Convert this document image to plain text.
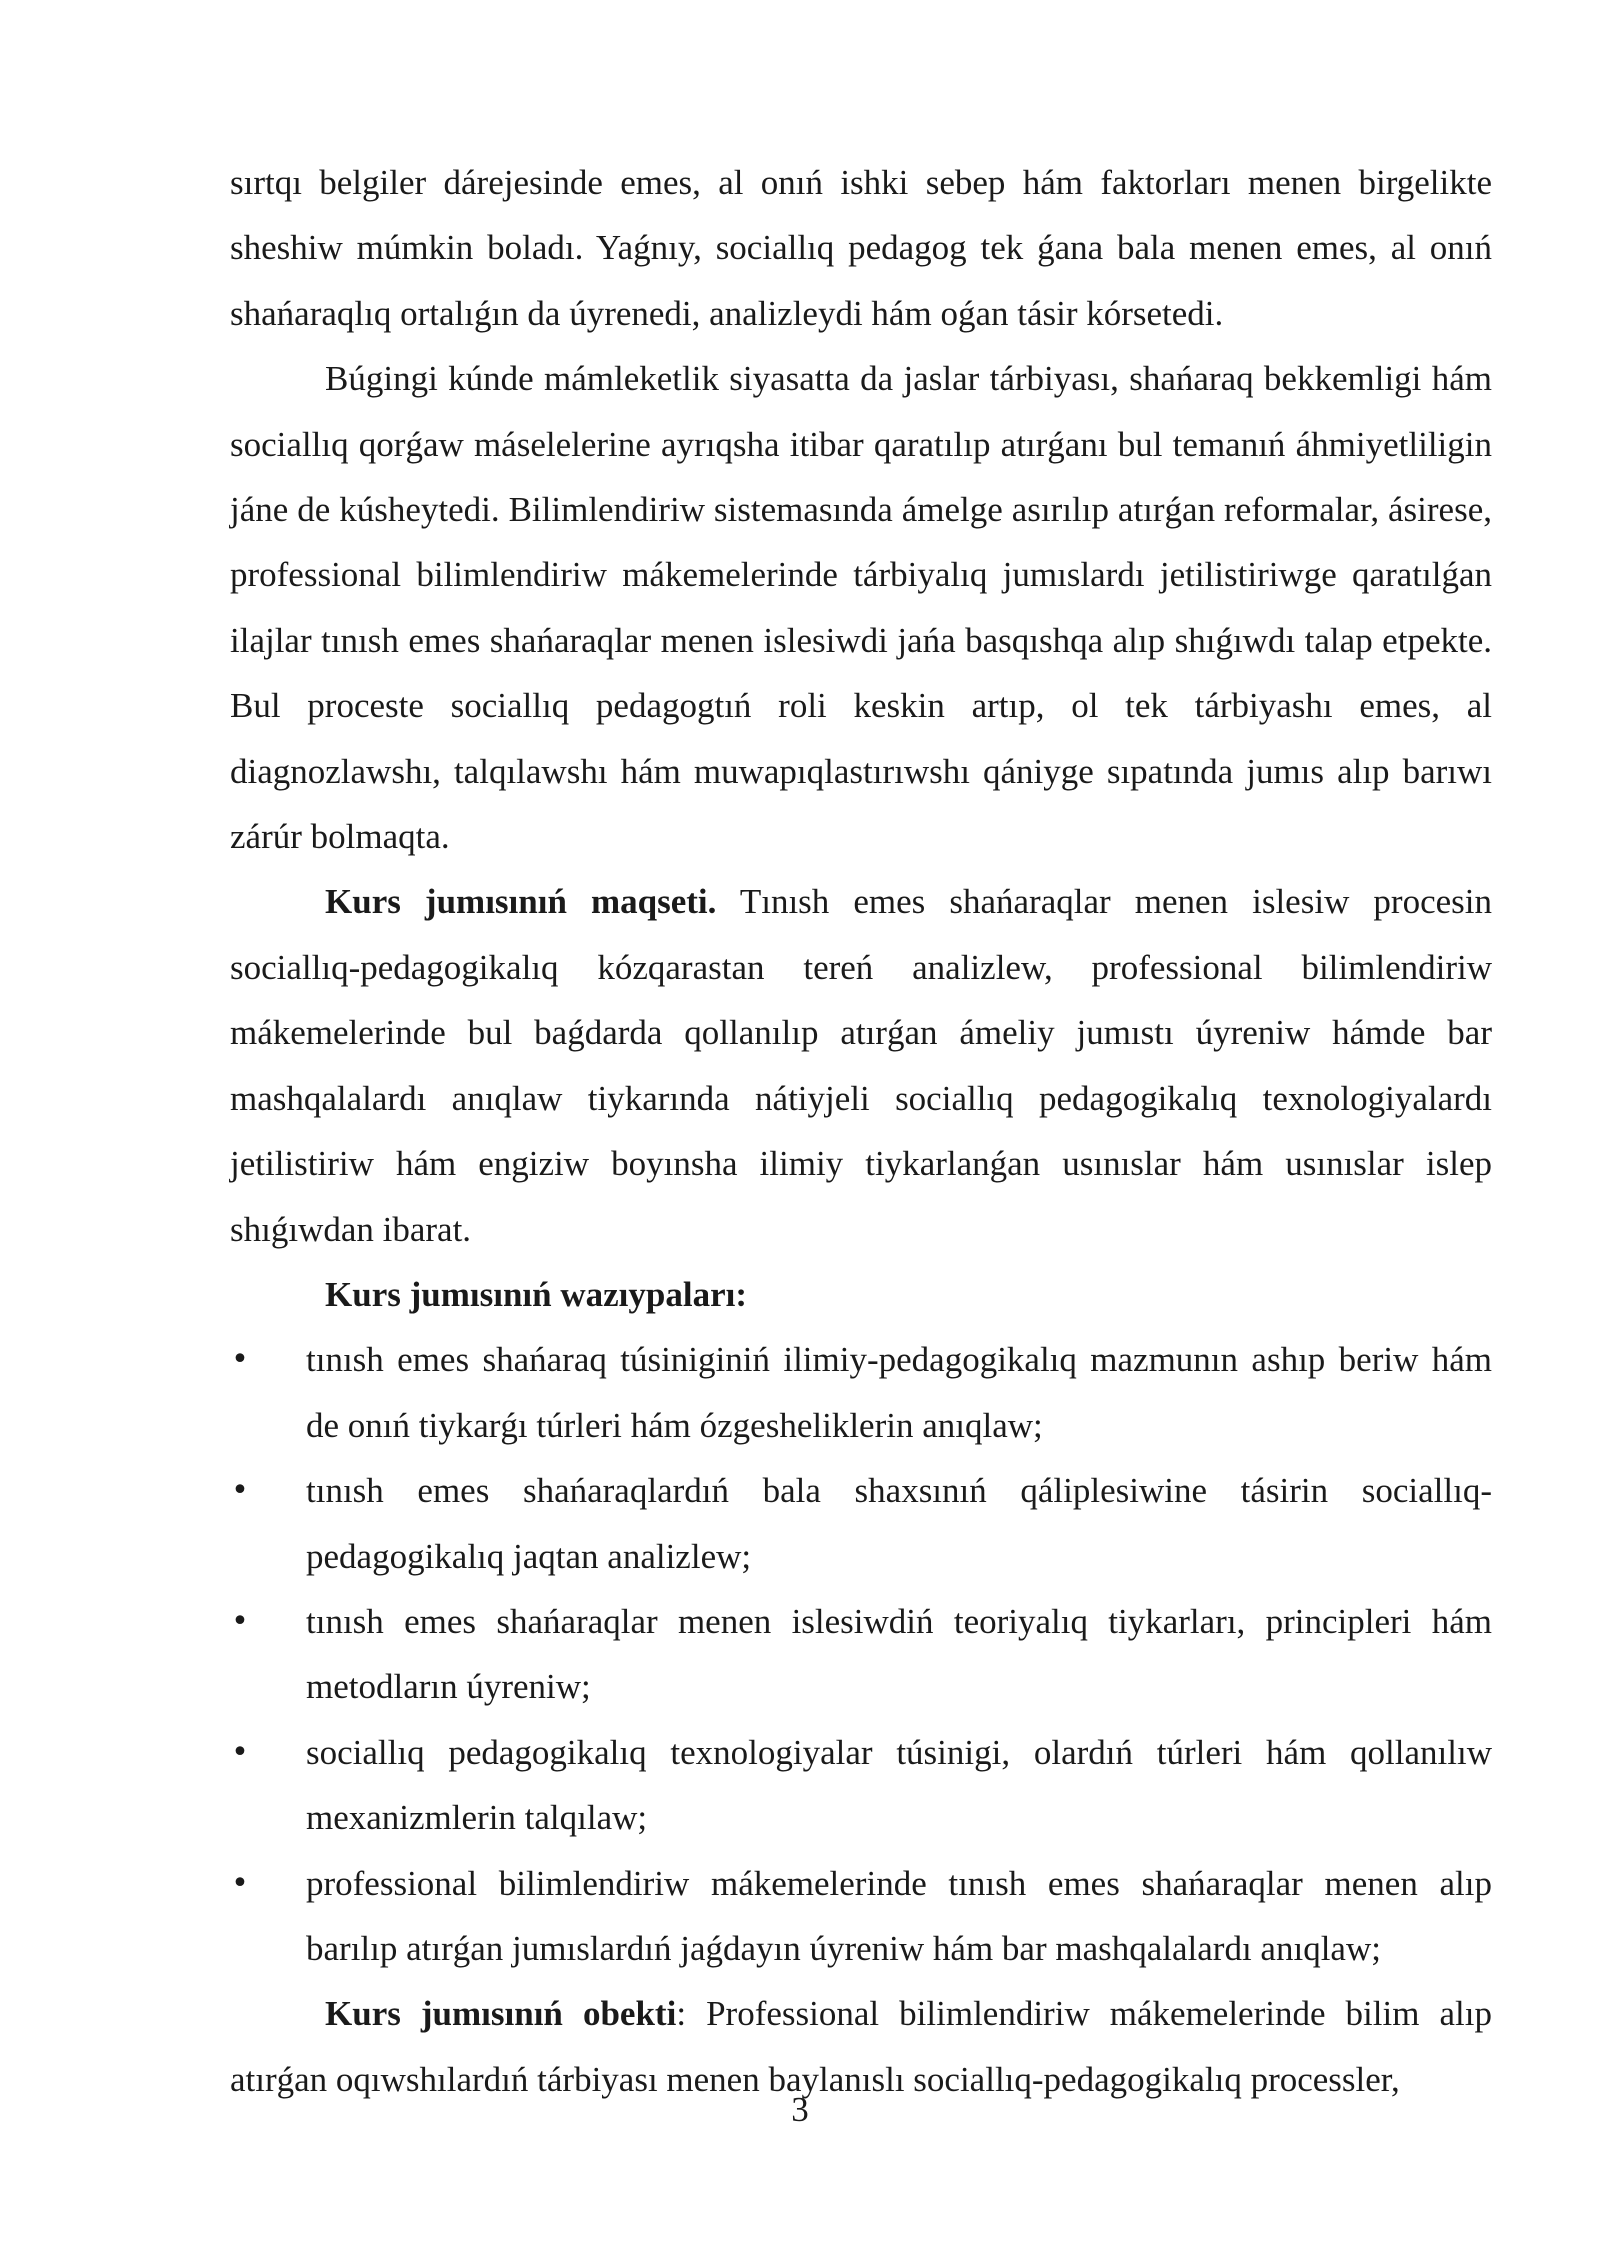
sırtqı belgiler dárejesinde emes, al onıń ishki sebep hám faktorları menen birgelikte sheshiw múmkin boladı. Yaǵnıy, sociallıq pedagog tek ǵana bala menen emes, al onıń shańaraqlıq ortalıǵın da úyrenedi, analizleydi hám oǵan tásir kórsetedi.

Búgingi kúnde mámleketlik siyasatta da jaslar tárbiyası, shańaraq bekkemligi hám sociallıq qorǵaw máselelerine ayrıqsha itibar qaratılıp atırǵanı bul temanıń áhmiyetliligin jáne de kúsheytedi. Bilimlendiriw sistemasında ámelge asırılıp atırǵan reformalar, ásirese, professional bilimlendiriw mákemelerinde tárbiyalıq jumıslardı jetilistiriwge qaratılǵan ilajlar tınısh emes shańaraqlar menen islesiwdi jańa basqıshqa alıp shıǵıwdı talap etpekte. Bul proceste sociallıq pedagogtıń roli keskin artıp, ol tek tárbiyashı emes, al diagnozlawshı, talqılawshı hám muwapıqlastırıwshı qániyge sıpatında jumıs alıp barıwı zárúr bolmaqta.

Kurs jumısınıń maqseti. Tınısh emes shańaraqlar menen islesiw procesin sociallıq-pedagogikalıq kózqarastan tereń analizlew, professional bilimlendiriw mákemelerinde bul baǵdarda qollanılıp atırǵan ámeliy jumıstı úyreniw hámde bar mashqalalardı anıqlaw tiykarında nátiyjeli sociallıq pedagogikalıq texnologiyalardı jetilistiriw hám engiziw boyınsha ilimiy tiykarlanǵan usınıslar hám usınıslar islep shıǵıwdan ibarat.

Kurs jumısınıń wazıypaları:
• tınısh emes shańaraq túsiniginiń ilimiy-pedagogikalıq mazmunın ashıp beriw hám de onıń tiykarǵı túrleri hám ózgesheliklerin anıqlaw;
• tınısh emes shańaraqlardıń bala shaxsınıń qáliplesiwine tásirin sociallıq-pedagogikalıq jaqtan analizlew;
• tınısh emes shańaraqlar menen islesiwdiń teoriyalıq tiykarları, principleri hám metodların úyreniw;
• sociallıq pedagogikalıq texnologiyalar túsinigi, olardıń túrleri hám qollanılıw mexanizmlerin talqılaw;
• professional bilimlendiriw mákemelerinde tınısh emes shańaraqlar menen alıp barılıp atırǵan jumıslardıń jaǵdayın úyreniw hám bar mashqalalardı anıqlaw;

Kurs jumısınıń obekti: Professional bilimlendiriw mákemelerinde bilim alıp atırǵan oqıwshılardıń tárbiyası menen baylanıslı sociallıq-pedagogikalıq processler,

3
